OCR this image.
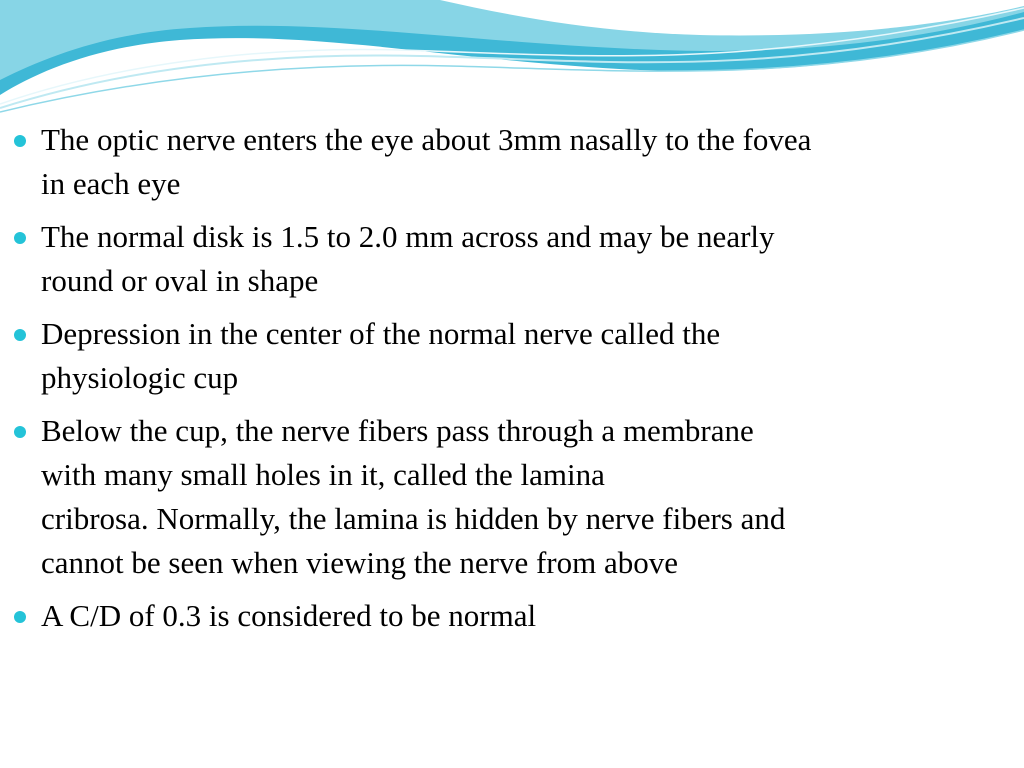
The optic nerve enters the eye about 3mm nasally to the fovea
in each eye
The normal disk is 1.5 to 2.0 mm across and may be nearly
round or oval in shape
Depression in the center of the normal nerve called the
physiologic cup
Below the cup, the nerve fibers pass through a membrane
with many small holes in it, called the lamina
cribrosa. Normally, the lamina is hidden by nerve fibers and
cannot be seen when viewing the nerve from above
A C/D of 0.3 is considered to be normal
